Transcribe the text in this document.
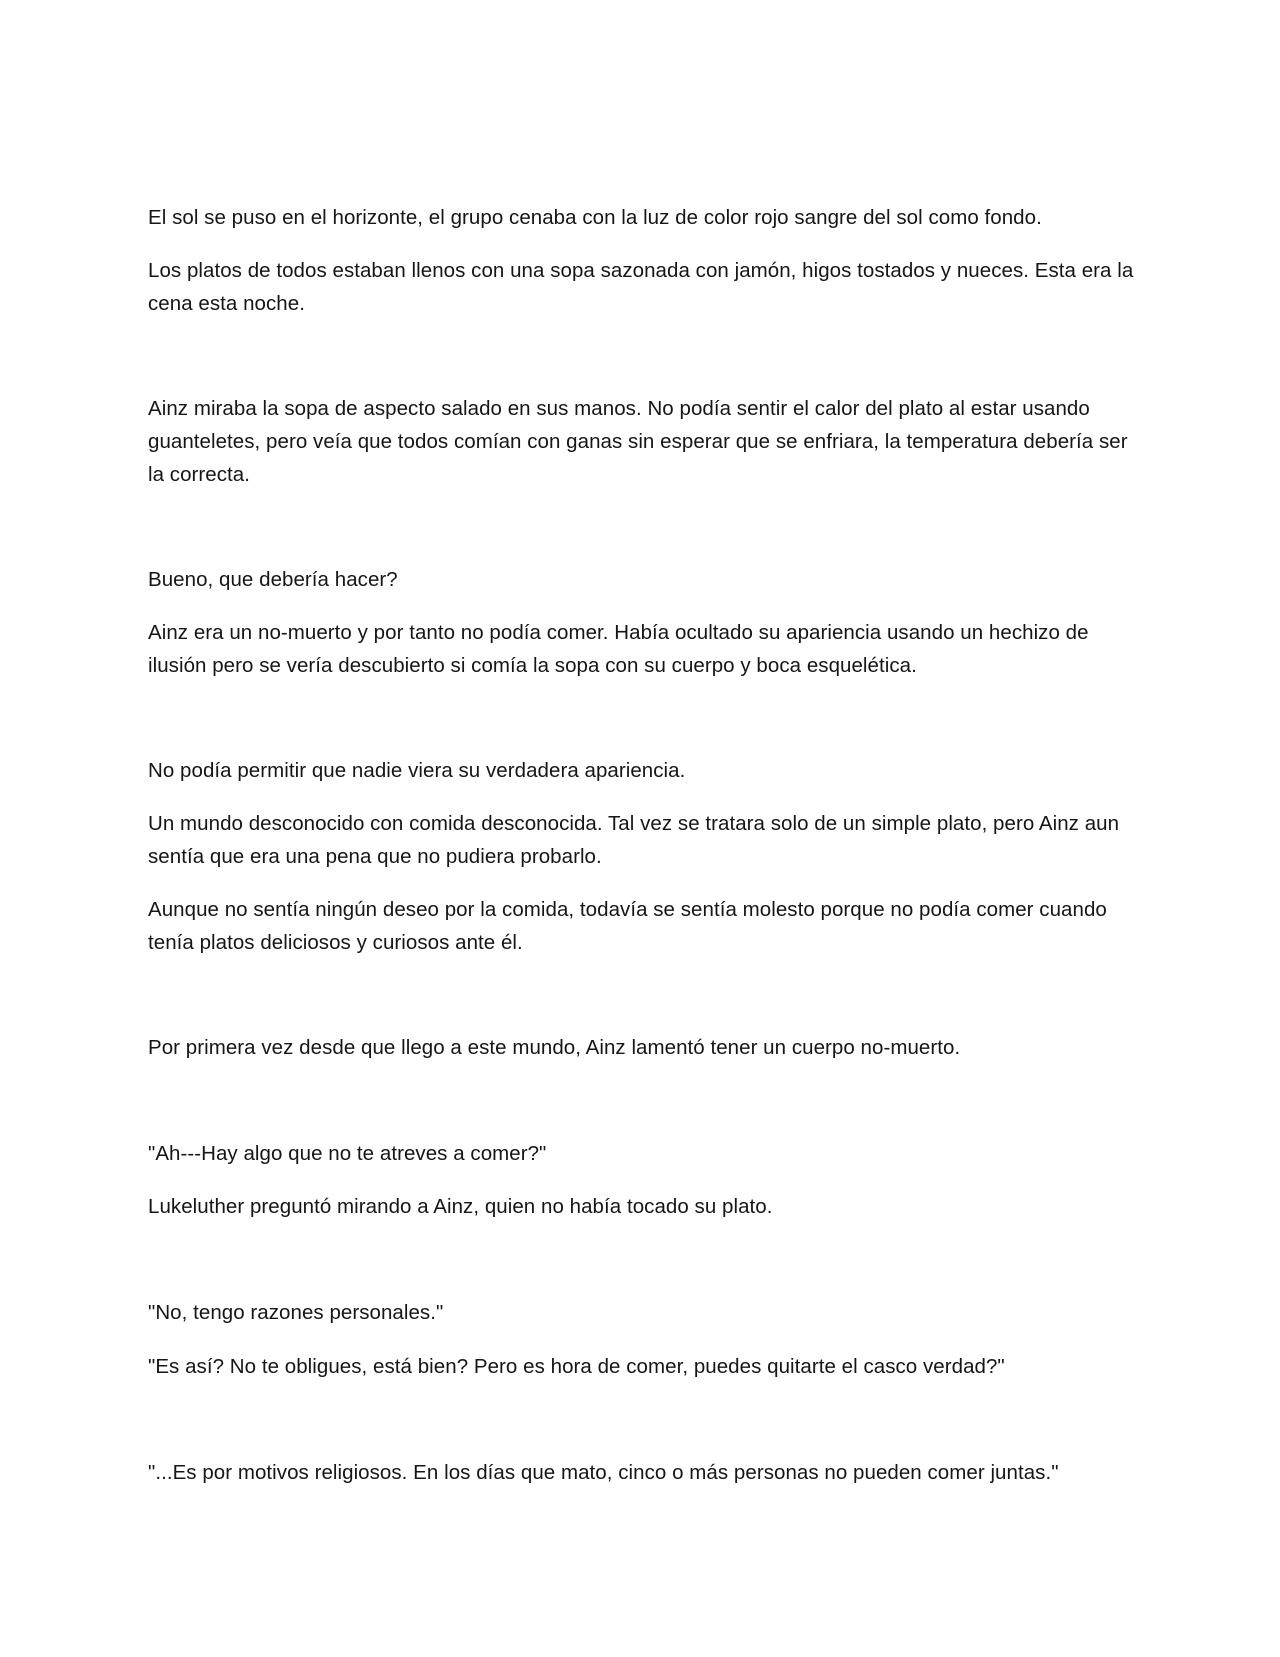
El sol se puso en el horizonte, el grupo cenaba con la luz de color rojo sangre del sol como fondo.

Los platos de todos estaban llenos con una sopa sazonada con jamón, higos tostados y nueces. Esta era la cena esta noche.

Ainz miraba la sopa de aspecto salado en sus manos. No podía sentir el calor del plato al estar usando guanteletes, pero veía que todos comían con ganas sin esperar que se enfriara, la temperatura debería ser la correcta.

Bueno, que debería hacer?

Ainz era un no-muerto y por tanto no podía comer. Había ocultado su apariencia usando un hechizo de ilusión pero se vería descubierto si comía la sopa con su cuerpo y boca esquelética.

No podía permitir que nadie viera su verdadera apariencia.

Un mundo desconocido con comida desconocida. Tal vez se tratara solo de un simple plato, pero Ainz aun sentía que era una pena que no pudiera probarlo.

Aunque no sentía ningún deseo por la comida, todavía se sentía molesto porque no podía comer cuando tenía platos deliciosos y curiosos ante él.

Por primera vez desde que llego a este mundo, Ainz lamentó tener un cuerpo no-muerto.

"Ah---Hay algo que no te atreves a comer?"

Lukeluther preguntó mirando a Ainz, quien no había tocado su plato.

"No, tengo razones personales."

"Es así? No te obligues, está bien? Pero es hora de comer, puedes quitarte el casco verdad?"

"...Es por motivos religiosos. En los días que mato, cinco o más personas no pueden comer juntas."
